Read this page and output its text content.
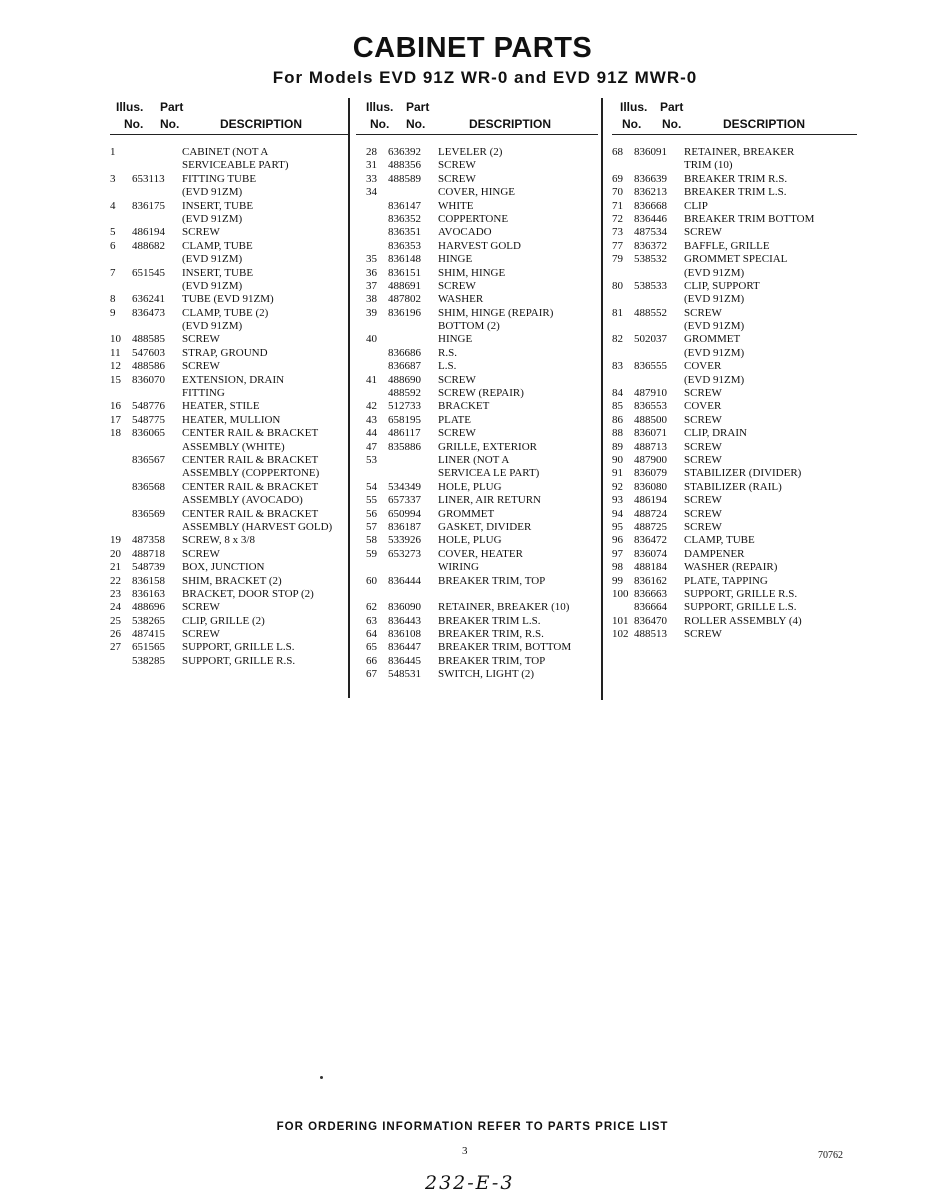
CABINET PARTS
For Models EVD 91Z WR-0 and EVD 91Z MWR-0
Illus. Part
No. No.	DESCRIPTION
1	CABINET (NOT A
SERVICEABLE PART)
3	653113	FITTING TUBE
(EVD 91ZM)
4	836175	INSERT, TUBE
(EVD 91ZM)
5	486194	SCREW
6	488682	CLAMP, TUBE
(EVD 91ZM)
7	651545	INSERT, TUBE
(EVD 91ZM)
8	636241	TUBE (EVD 91ZM)
9	836473	CLAMP, TUBE (2)
(EVD 91ZM)
10	488585	SCREW
11	547603	STRAP, GROUND
12	488586	SCREW
15	836070	EXTENSION, DRAIN
FITTING
16	548776	HEATER, STILE
17	548775	HEATER, MULLION
18	836065	CENTER RAIL & BRACKET
ASSEMBLY (WHITE)
836567	CENTER RAIL & BRACKET
ASSEMBLY (COPPERTONE)
836568	CENTER RAIL & BRACKET
ASSEMBLY (AVOCADO)
836569	CENTER RAIL & BRACKET
ASSEMBLY (HARVEST GOLD)
19	487358	SCREW, 8 x 3/8
20	488718	SCREW
21	548739	BOX, JUNCTION
22	836158	SHIM, BRACKET (2)
23	836163	BRACKET, DOOR STOP (2)
24	488696	SCREW
25	538265	CLIP, GRILLE (2)
26	487415	SCREW
27	651565	SUPPORT, GRILLE L.S.
538285	SUPPORT, GRILLE R.S.
Illus. Part
No. No.	DESCRIPTION
28	636392	LEVELER (2)
31	488356	SCREW
33	488589	SCREW
34	COVER, HINGE
836147	WHITE
836352	COPPERTONE
836351	AVOCADO
836353	HARVEST GOLD
35	836148	HINGE
36	836151	SHIM, HINGE
37	488691	SCREW
38	487802	WASHER
39	836196	SHIM, HINGE (REPAIR)
BOTTOM (2)
40	HINGE
836686	R.S.
836687	L.S.
41	488690	SCREW
488592	SCREW (REPAIR)
42	512733	BRACKET
43	658195	PLATE
44	486117	SCREW
47	835886	GRILLE, EXTERIOR
53	LINER (NOT A
SERVICEA LE PART)
54	534349	HOLE, PLUG
55	657337	LINER, AIR RETURN
56	650994	GROMMET
57	836187	GASKET, DIVIDER
58	533926	HOLE, PLUG
59	653273	COVER, HEATER
WIRING
60	836444	BREAKER TRIM, TOP
62	836090	RETAINER, BREAKER (10)
63	836443	BREAKER TRIM L.S.
64	836108	BREAKER TRIM, R.S.
65	836447	BREAKER TRIM, BOTTOM
66	836445	BREAKER TRIM, TOP
67	548531	SWITCH, LIGHT (2)
Illus. Part
No. No.	DESCRIPTION
68	836091	RETAINER, BREAKER
TRIM (10)
69	836639	BREAKER TRIM R.S.
70	836213	BREAKER TRIM L.S.
71	836668	CLIP
72	836446	BREAKER TRIM BOTTOM
73	487534	SCREW
77	836372	BAFFLE, GRILLE
79	538532	GROMMET SPECIAL
(EVD 91ZM)
80	538533	CLIP, SUPPORT
(EVD 91ZM)
81	488552	SCREW
(EVD 91ZM)
82	502037	GROMMET
(EVD 91ZM)
83	836555	COVER
(EVD 91ZM)
84	487910	SCREW
85	836553	COVER
86	488500	SCREW
88	836071	CLIP, DRAIN
89	488713	SCREW
90	487900	SCREW
91	836079	STABILIZER (DIVIDER)
92	836080	STABILIZER (RAIL)
93	486194	SCREW
94	488724	SCREW
95	488725	SCREW
96	836472	CLAMP, TUBE
97	836074	DAMPENER
98	488184	WASHER (REPAIR)
99	836162	PLATE, TAPPING
100 836663	SUPPORT, GRILLE R.S.
836664	SUPPORT, GRILLE L.S.
101 836470	ROLLER ASSEMBLY (4)
102 488513	SCREW
FOR ORDERING INFORMATION REFER TO PARTS PRICE LIST
3	70762
232-E-3
